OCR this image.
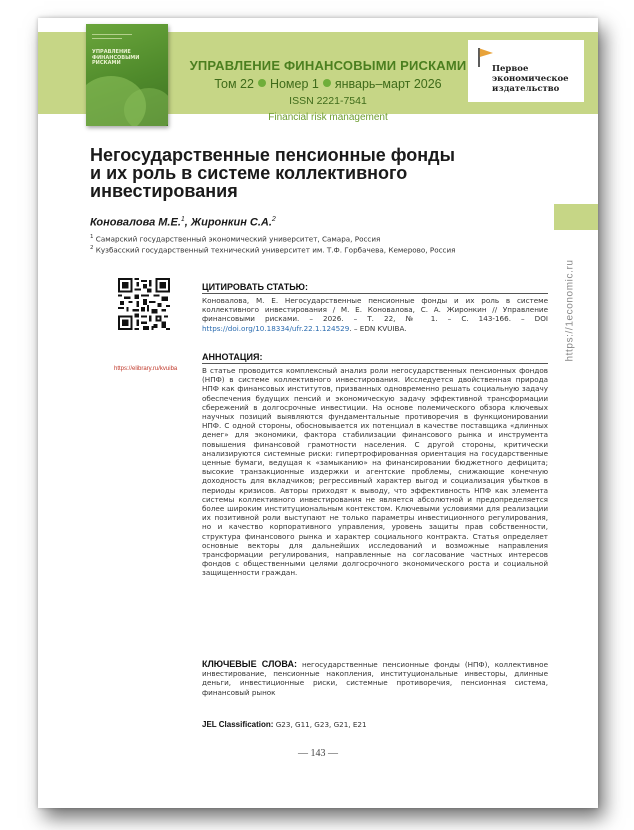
УПРАВЛЕНИЕ ФИНАНСОВЫМИ РИСКАМИ
Том 22 Номер 1 январь–март 2026
ISSN 2221-7541
Financial risk management
УПРАВЛЕНИЕ
ФИНАНСОВЫМИ
РИСКАМИ
Первое экономическое издательство
https://1economic.ru
Негосударственные пенсионные фонды
и их роль в системе коллективного
инвестирования
Коновалова М.Е.$^1$, Жиронкин С.А.$^2$
$^1$ Самарский государственный экономический университет, Самара, Россия
$^2$ Кузбасский государственный технический университет им. Т.Ф. Горбачева, Кемерово, Россия
https://elibrary.ru/kvuiba
ЦИТИРОВАТЬ СТАТЬЮ:

Коновалова, М. Е. Негосударственные пенсионные фонды и их роль в системе коллективного инвестирования / М. Е. Коновалова, С. А. Жиронкин // Управление финансовыми рисками. – 2026. – Т. 22, № 1. – С. 143-166. – DOI https://doi.org/10.18334/ufr.22.1.124529. – EDN KVUIBA.

АННОТАЦИЯ:

В статье проводится комплексный анализ роли негосударственных пенсионных фондов (НПФ) в системе коллективного инвестирования. Исследуется двойственная природа НПФ как финансовых институтов, призванных одновременно решать социальную задачу обеспечения будущих пенсий и экономическую задачу эффективной трансформации сбережений в долгосрочные инвестиции. На основе полемического обзора ключевых научных позиций выявляются фундаментальные противоречия в функционировании НПФ. С одной стороны, обосновывается их потенциал в качестве поставщика «длинных денег» для экономики, фактора стабилизации финансового рынка и инструмента повышения финансовой грамотности населения. С другой стороны, критически анализируются системные риски: гипертрофированная ориентация на государственные ценные бумаги, ведущая к «замыканию» на финансировании бюджетного дефицита; высокие транзакционные издержки и агентские проблемы, снижающие конечную доходность для вкладчиков; регрессивный характер выгод и социализация убытков в периоды кризисов. Авторы приходят к выводу, что эффективность НПФ как элемента системы коллективного инвестирования не является абсолютной и предопределяется более широким институциональным контекстом. Ключевыми условиями для реализации их позитивной роли выступают не только параметры инвестиционного регулирования, но и качество корпоративного управления, уровень защиты прав собственности, структура финансового рынка и характер социального контракта. Статья определяет основные векторы для дальнейших исследований и возможные направления трансформации регулирования, направленные на согласование частных интересов фондов с общественными целями долгосрочного экономического роста и социальной защищенности граждан.

КЛЮЧЕВЫЕ СЛОВА: негосударственные пенсионные фонды (НПФ), коллективное инвестирование, пенсионные накопления, институциональные инвесторы, длинные деньги, инвестиционные риски, системные противоречия, пенсионная система, финансовый рынок
JEL Classification: G23, G11, G23, G21, E21
— 143 —
